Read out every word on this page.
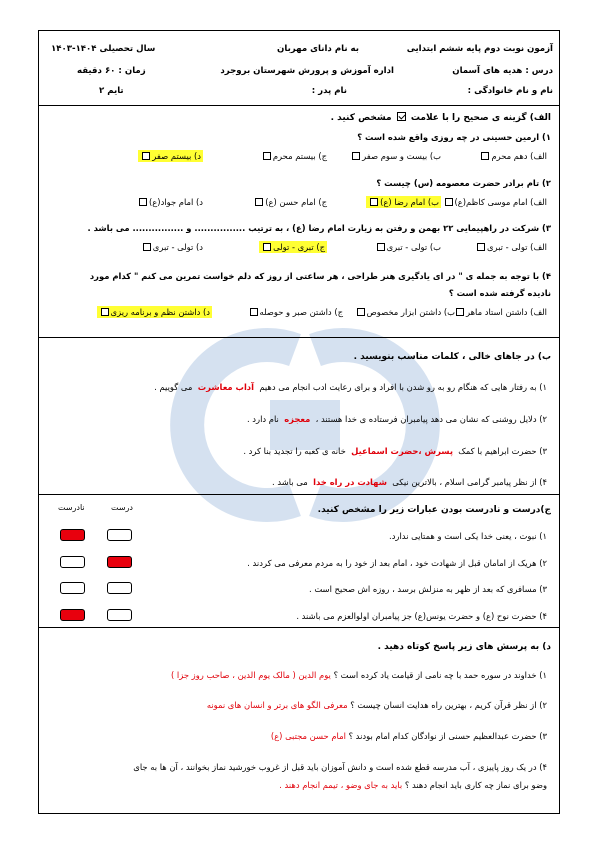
آزمون نوبت دوم پایه ششم ابتدایی
به نام دانای مهربان
سال تحصیلی ۱۴۰۴-۱۴۰۳
درس : هدیه های آسمان
اداره آموزش و پرورش شهرستان بروجرد
زمان : ۶۰ دقیقه
نام و نام خانوادگی :
نام پدر :
تایم ۲
الف) گزینه ی صحیح را با علامت  مشخص کنید .
۱) ارمین حسینی در چه روزی واقع شده است ؟
الف) دهم محرم
ب) بیست و سوم صفر
ج) بیستم محرم
د) بیستم صفر
۲) تام برادر حضرت معصومه (س) چیست ؟
الف) امام موسی کاظم(ع)
ب) امام رضا (ع)
ج) امام حسن (ع)
د) امام جواد(ع)
۳) شرکت در راهپیمایی ۲۲ بهمن و رفتن به زیارت امام رضا (ع) ، به ترتیب ................ و ................ می باشد .
الف) تولی - تبری
ب) تولی - تبری
ج) تبری - تولی
د) تولی - تبری
۴) با توجه به جمله ی " در ای یادگیری هنر طراحی ، هر ساعتی از روز که دلم خواست تمرین می کنم " کدام مورد
نادیده گرفته شده است ؟
الف) داشتن استاد ماهر
ب) داشتن ابزار مخصوص
ج) داشتن صبر و حوصله
د) داشتن نظم و برنامه ریزی
ب) در جاهای خالی ، کلمات مناسب بنویسید .
۱) به رفتار هایی که هنگام رو به رو شدن با افراد و برای رعایت ادب انجام می دهیم  آداب معاشرت  می گوییم .
۲) دلایل روشنی که نشان می دهد پیامبران فرستاده ی خدا هستند ،  معجزه  نام دارد .
۳) حضرت ابراهیم با کمک  پسرش ،حضرت اسماعیل  خانه ی کعبه را تجدید بنا کرد .
۴) از نظر پیامبر گرامی اسلام ، بالاترین نیکی  شهادت در راه خدا  می باشد .
ج)درست و نادرست بودن عبارات زیر را مشخص کنید.
درست
نادرست
۱) نبوت ، یعنی خدا یکی است و همتایی ندارد.
۲) هریک از امامان قبل از شهادت خود ، امام بعد از خود را به مردم معرفی می کردند .
۳) مسافری که بعد از ظهر به منزلش برسد ، روزه اش صحیح است .
۴) حضرت نوح (ع) و حضرت یونس(ع) جز پیامبران اولوالعزم می باشند .
د) به پرسش های زیر پاسخ کوتاه دهید .
۱) خداوند در سوره حمد با چه نامی از قیامت یاد کرده است ؟ یوم الدین ( مالک یوم الدین ، صاحب روز جزا )
۲) از نظر قرآن کریم ، بهترین راه هدایت انسان چیست ؟ معرفی الگو های برتر و انسان های نمونه
۳) حضرت عبدالعظیم حسنی از نوادگان کدام امام بودند ؟ امام حسن مجتبی (ع)
۴) در یک روز پاییزی ، آب مدرسه قطع شده است و دانش آموزان باید قبل از غروب خورشید نماز بخوانند ، آن ها به جای
وضو برای نماز چه کاری باید انجام دهند ؟ باید به جای وضو ، تیمم انجام دهند .
